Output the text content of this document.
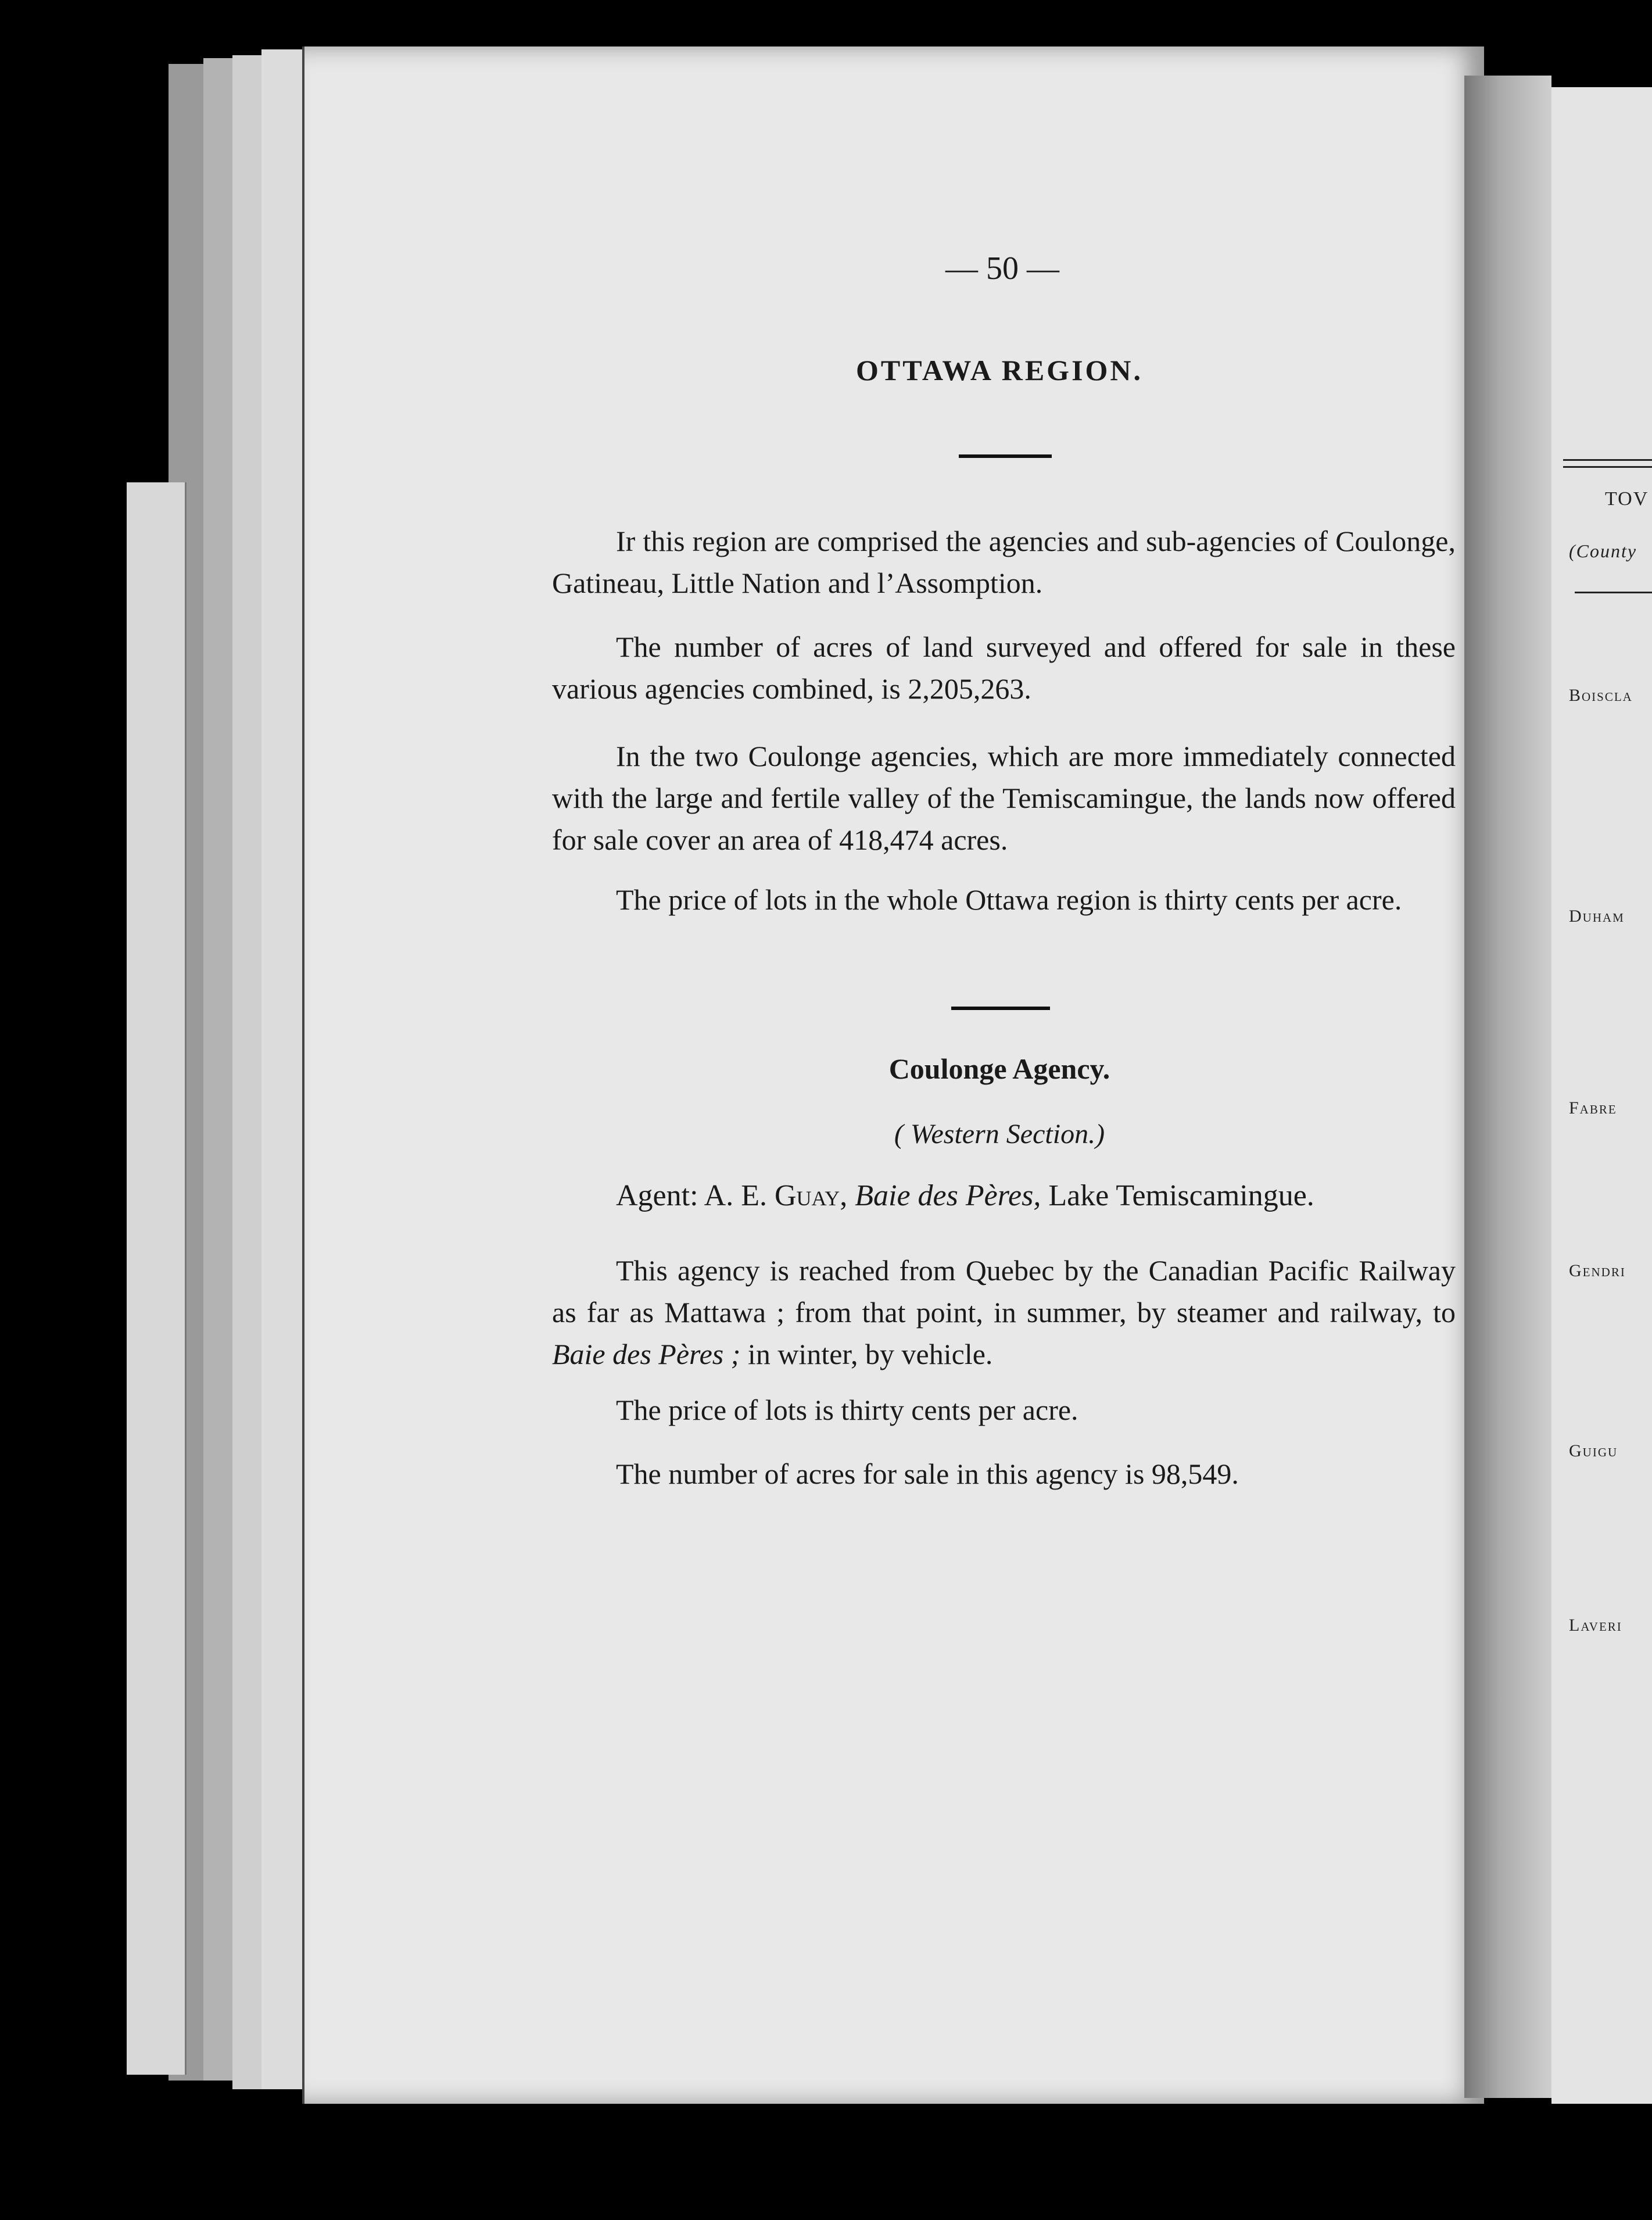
— 50 —
OTTAWA REGION.
Ir this region are comprised the agencies and sub-agencies of Coulonge, Gatineau, Little Nation and l’Assomption.
The number of acres of land surveyed and offered for sale in these various agencies combined, is 2,205,263.
In the two Coulonge agencies, which are more immediately connected with the large and fertile valley of the Temiscamingue, the lands now offered for sale cover an area of 418,474 acres.
The price of lots in the whole Ottawa region is thirty cents per acre.
Coulonge Agency.
( Western Section.)
Agent: A. E. Guay, Baie des Pères, Lake Temiscamingue.
This agency is reached from Quebec by the Canadian Pacific Railway as far as Mattawa ; from that point, in summer, by steamer and railway, to Baie des Pères ; in winter, by vehicle.
The price of lots is thirty cents per acre.
The number of acres for sale in this agency is 98,549.
TOV
(County
Boiscla
Duham
Fabre
Gendri
Guigu
Laveri
